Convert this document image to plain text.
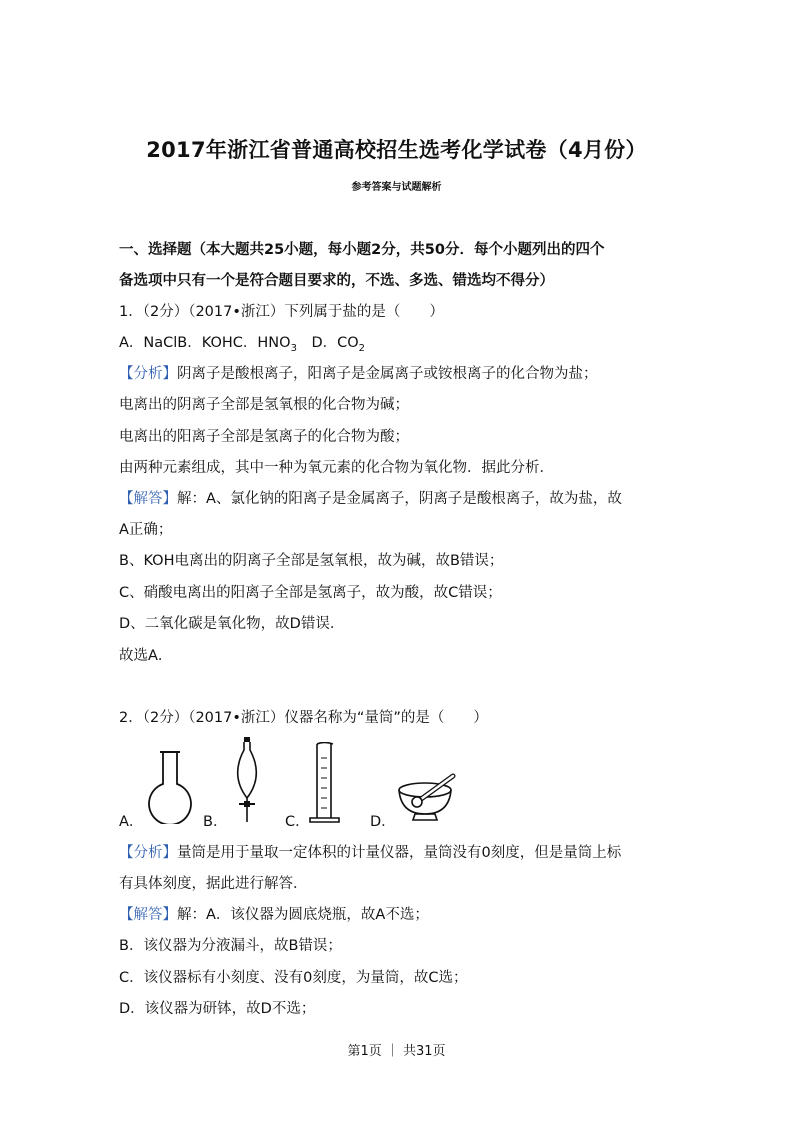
2017年浙江省普通高校招生选考化学试卷（4月份）
参考答案与试题解析
一、选择题（本大题共25小题，每小题2分，共50分．每个小题列出的四个
备选项中只有一个是符合题目要求的，不选、多选、错选均不得分）
1．（2分）（2017•浙江）下列属于盐的是（　　）
A．NaClB．KOHC．$HNO_3$　D．$CO_2$
【分析】阴离子是酸根离子，阳离子是金属离子或铵根离子的化合物为盐；
电离出的阴离子全部是氢氧根的化合物为碱；
电离出的阳离子全部是氢离子的化合物为酸；
由两种元素组成，其中一种为氧元素的化合物为氧化物．据此分析．
【解答】解：A、氯化钠的阳离子是金属离子，阴离子是酸根离子，故为盐，故
A正确；
B、KOH电离出的阴离子全部是氢氧根，故为碱，故B错误；
C、硝酸电离出的阳离子全部是氢离子，故为酸，故C错误；
D、二氧化碳是氧化物，故D错误．
故选A．
2．（2分）（2017•浙江）仪器名称为“量筒”的是（　　）
A．	B．	C．	D．
【分析】量筒是用于量取一定体积的计量仪器，量筒没有0刻度，但是量筒上标
有具体刻度，据此进行解答．
【解答】解：A．该仪器为圆底烧瓶，故A不选；
B．该仪器为分液漏斗，故B错误；
C．该仪器标有小刻度、没有0刻度，为量筒，故C选；
D．该仪器为研钵，故D不选；
第1页 ｜ 共31页
